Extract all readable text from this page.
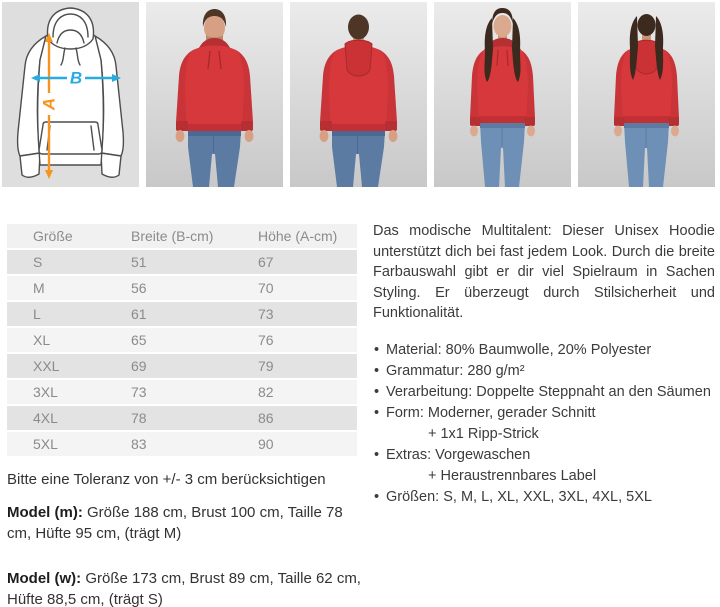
A
B
Größe	Breite (B-cm)	Höhe (A-cm)
S	51	67
M	56	70
L	61	73
XL	65	76
XXL	69	79
3XL	73	82
4XL	78	86
5XL	83	90

Das modische Multitalent: Dieser Unisex Hoodie unterstützt dich bei fast jedem Look. Durch die breite Farbauswahl gibt er dir viel Spielraum in Sachen Styling. Er überzeugt durch Stilsicherheit und Funktionalität.

• Material: 80% Baumwolle, 20% Polyester
• Grammatur: 280 g/m²
• Verarbeitung: Doppelte Steppnaht an den Säumen
• Form: Moderner, gerader Schnitt
+ 1x1 Ripp-Strick
• Extras: Vorgewaschen
+ Heraustrennbares Label
• Größen: S, M, L, XL, XXL, 3XL, 4XL, 5XL
Bitte eine Toleranz von +/- 3 cm berücksichtigen
Model (m): Größe 188 cm, Brust 100 cm, Taille 78 cm, Hüfte 95 cm, (trägt M)
Model (w): Größe 173 cm, Brust 89 cm, Taille 62 cm, Hüfte 88,5 cm, (trägt S)
